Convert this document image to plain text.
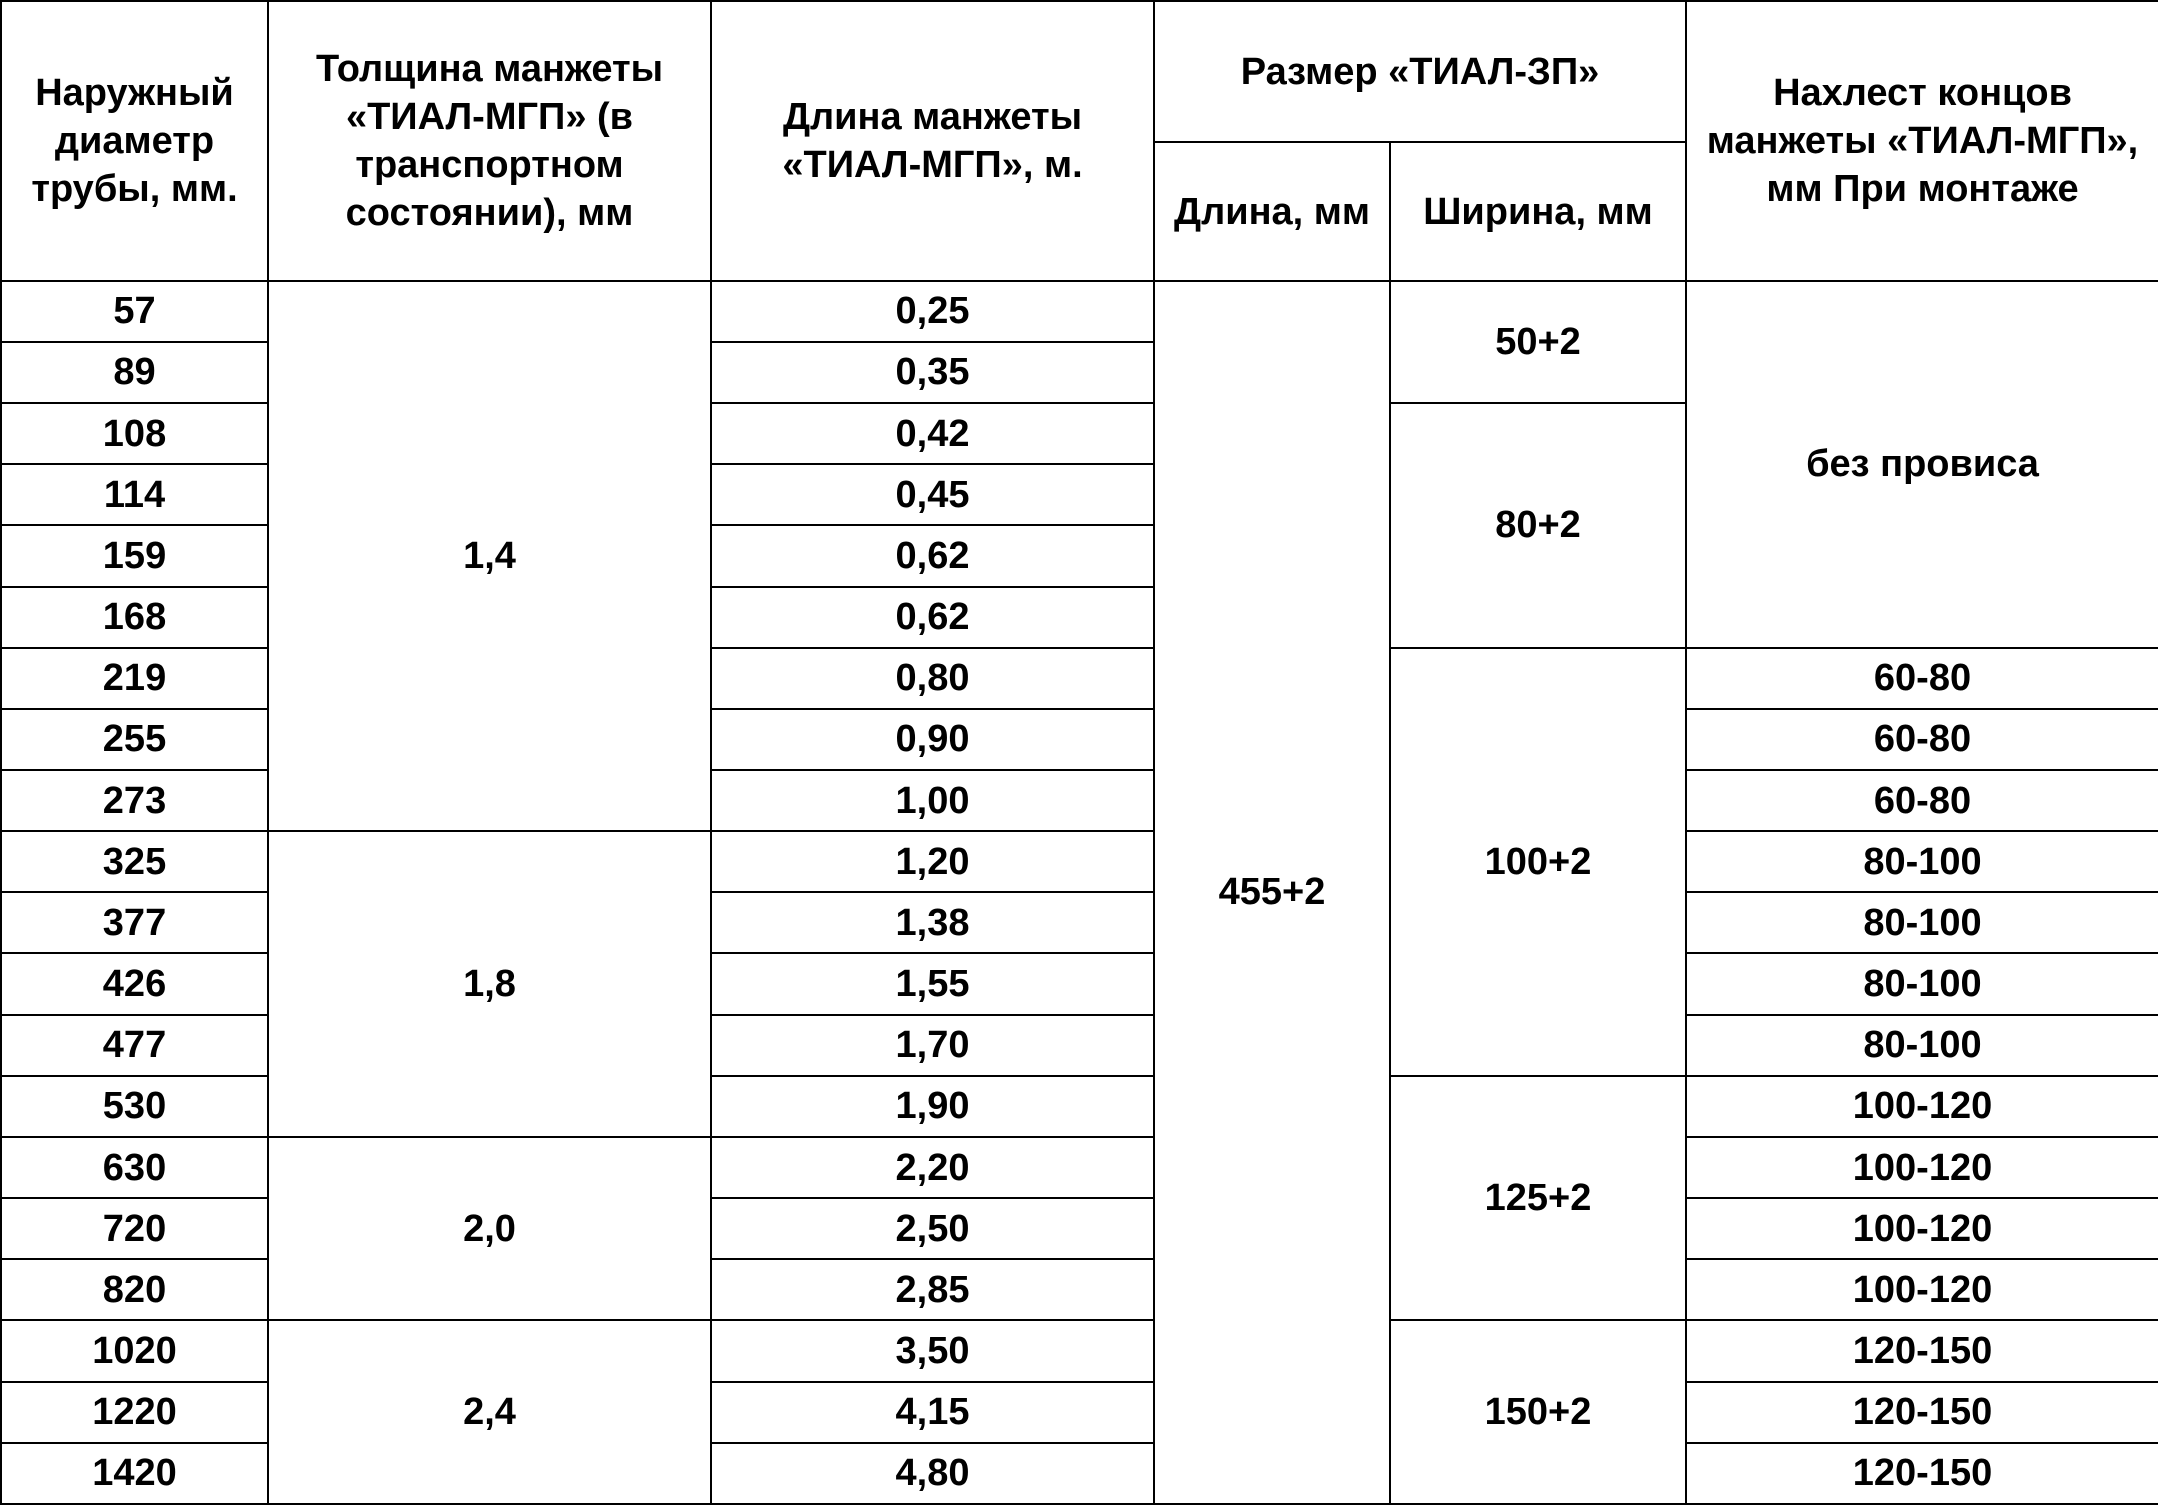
Наружный диаметр трубы, мм.	Толщина манжеты «ТИАЛ-МГП» (в транспортном состоянии), мм	Длина манжеты «ТИАЛ-МГП», м.	Размер «ТИАЛ-ЗП»		Нахлест концов манжеты «ТИАЛ-МГП», мм При монтаже
			Длина, мм	Ширина, мм	
57	1,4	0,25	455+2	50+2	без провиса
89		0,35			
108		0,42		80+2	
114		0,45			
159		0,62			
168		0,62			
219		0,80		100+2	60-80
255		0,90			60-80
273		1,00			60-80
325	1,8	1,20			80-100
377		1,38			80-100
426		1,55			80-100
477		1,70			80-100
530		1,90		125+2	100-120
630	2,0	2,20			100-120
720		2,50			100-120
820		2,85			100-120
1020	2,4	3,50		150+2	120-150
1220		4,15			120-150
1420		4,80			120-150
